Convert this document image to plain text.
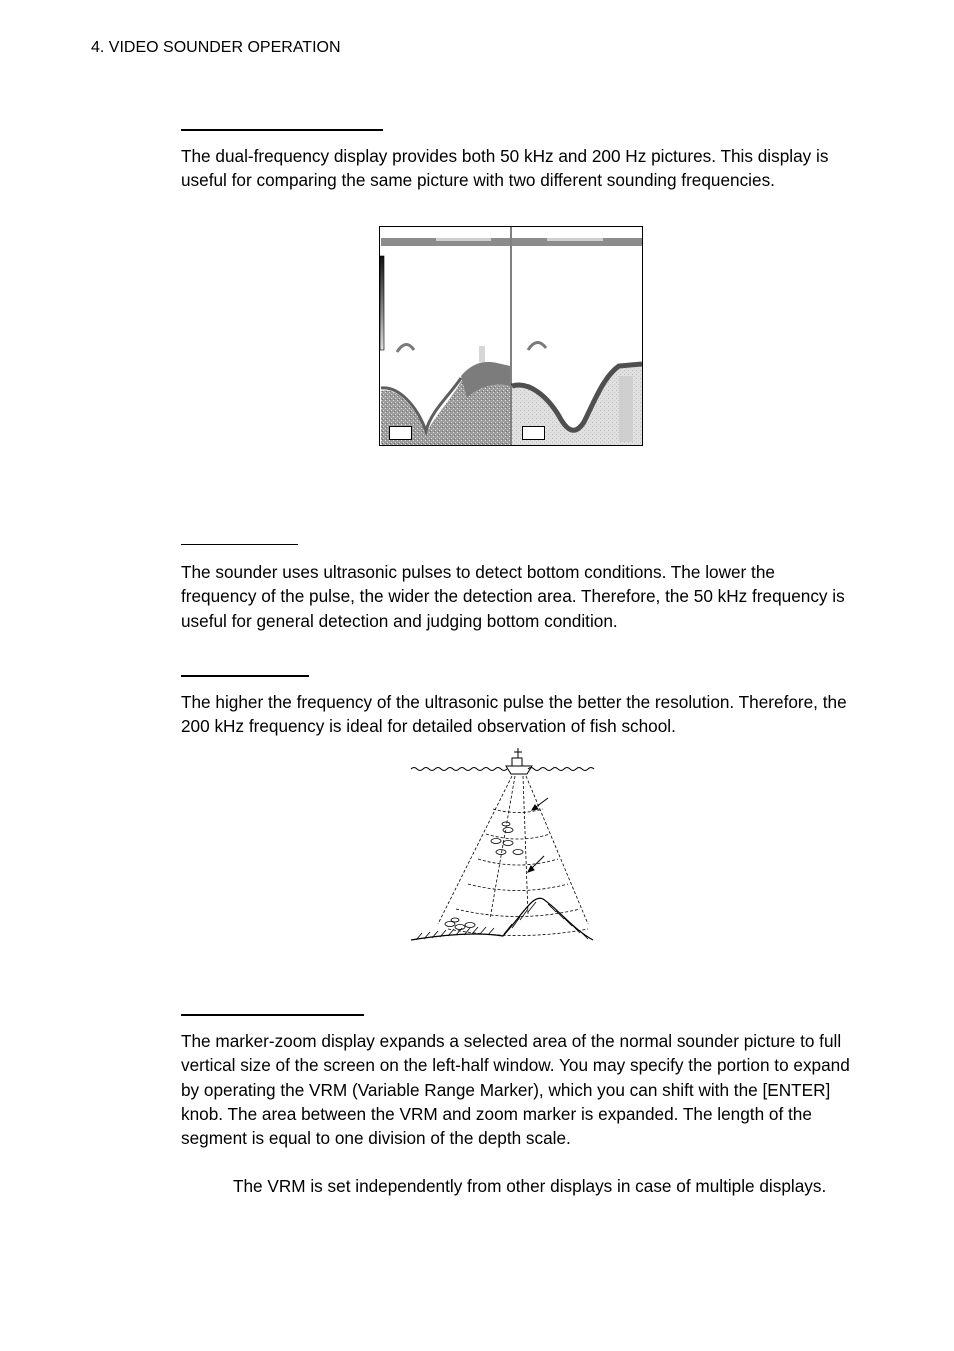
4. VIDEO SOUNDER OPERATION

The dual-frequency display provides both 50 kHz and 200 Hz pictures. This display is useful for comparing the same picture with two different sounding frequencies.

The sounder uses ultrasonic pulses to detect bottom conditions. The lower the frequency of the pulse, the wider the detection area. Therefore, the 50 kHz frequency is useful for general detection and judging bottom condition.

The higher the frequency of the ultrasonic pulse the better the resolution. Therefore, the 200 kHz frequency is ideal for detailed observation of fish school.

The marker-zoom display expands a selected area of the normal sounder picture to full vertical size of the screen on the left-half window. You may specify the portion to expand by operating the VRM (Variable Range Marker), which you can shift with the [ENTER] knob. The area between the VRM and zoom marker is expanded. The length of the segment is equal to one division of the depth scale.

The VRM is set independently from other displays in case of multiple displays.
